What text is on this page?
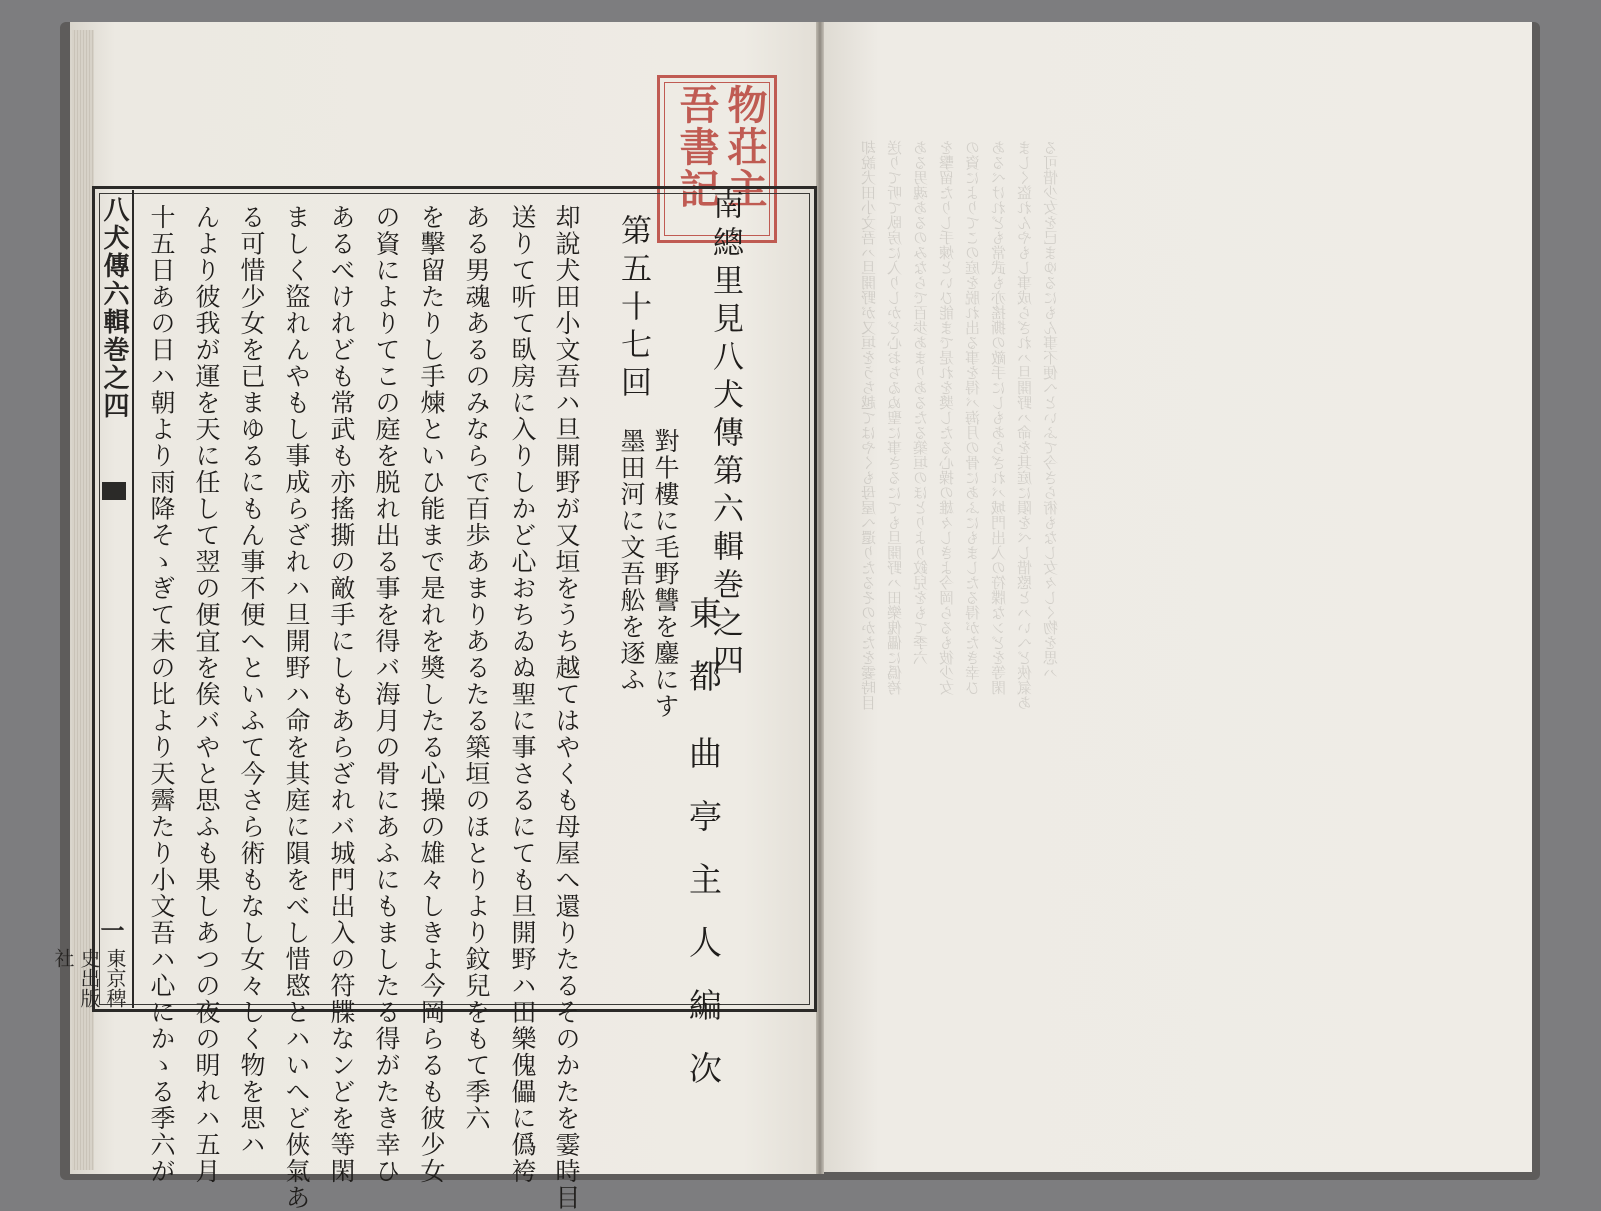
却說犬田小文吾ハ旦開野が又垣をうち越てはやくも母屋へ還りたるそのかたを霎時目 送りて听て臥房に入りしかど心おちゐぬ聖に事さるにても旦開野ハ田樂傀儡に僞袴 ある男魂あるのみならで百歩あまりあるたる築垣のほとりより鈫兒をもて季六 を擊留たりし手煉といひ能まで是れを奬したる心操の雄々しきよ今岡らるも彼少女 の資によりてこの庭を脱れ出る事を得バ海月の骨にあふにもましたる得がたき幸ひ あるべけれども常武も亦搖撕の敵手にしもあらざれバ城門出入の符牒なンどを等閑 ましく盜れんやもし事成らざれハ旦開野ハ命を其庭に隕をべし惜愍とハいへど俠氣あ る可惜少女を已まゆるにもん事不便へといふて今さら術もなし女々しく物を思ハ
物荘主吾書記
八犬傳六輯巻之四
一
東京稗史出版社
南總里見八犬傳第六輯巻之四
東都
曲亭主人編次
第五十七回
對牛樓に毛野讐を鏖にす
墨田河に文吾舩を逐ふ
却說犬田小文吾ハ旦開野が又垣をうち越てはやくも母屋へ還りたるそのかたを霎時目
送りて听て臥房に入りしかど心おちゐぬ聖に事さるにても旦開野ハ田樂傀儡に僞袴
ある男魂あるのみならで百歩あまりあるたる築垣のほとりより鈫兒をもて季六
を擊留たりし手煉といひ能まで是れを奬したる心操の雄々しきよ今岡らるも彼少女
の資によりてこの庭を脱れ出る事を得バ海月の骨にあふにもましたる得がたき幸ひ
あるべけれども常武も亦搖撕の敵手にしもあらざれバ城門出入の符牒なンどを等閑
ましく盜れんやもし事成らざれハ旦開野ハ命を其庭に隕をべし惜愍とハいへど俠氣あ
る可惜少女を已まゆるにもん事不便へといふて今さら術もなし女々しく物を思ハ
んより彼我が運を天に任して翌の便宜を俟バやと思ふも果しあつの夜の明れハ五月
十五日あの日ハ朝より雨降そゝぎて未の比より天霽たり小文吾ハ心にかゝる季六が
